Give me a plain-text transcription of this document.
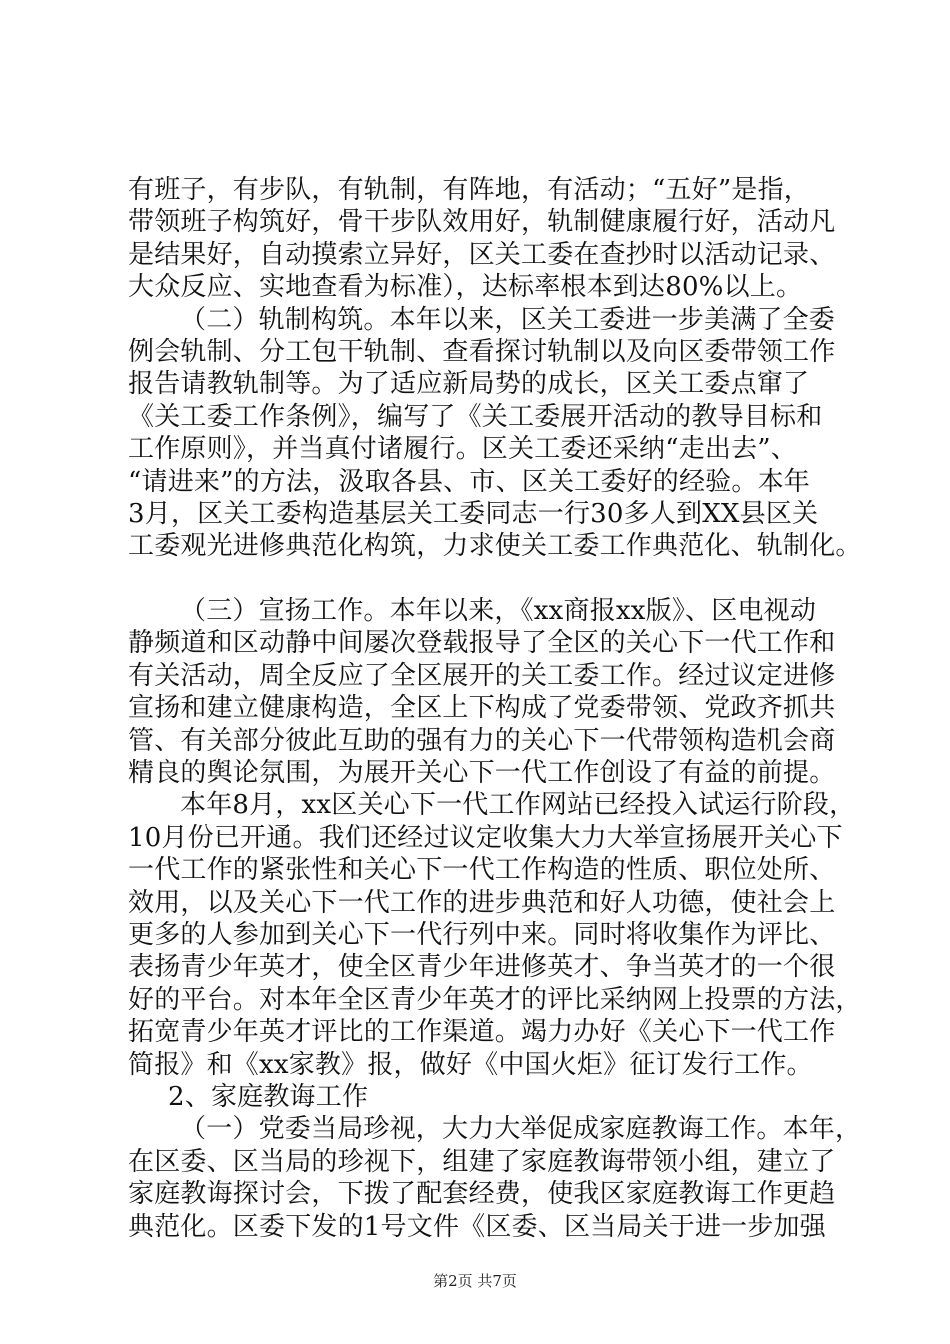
有班子，有步队，有轨制，有阵地，有活动；“五好”是指，
带领班子构筑好，骨干步队效用好，轨制健康履行好，活动凡
是结果好，自动摸索立异好，区关工委在查抄时以活动记录、
大众反应、实地查看为标准），达标率根本到达80%以上。
（二）轨制构筑。本年以来，区关工委进一步美满了全委
例会轨制、分工包干轨制、查看探讨轨制以及向区委带领工作
报告请教轨制等。为了适应新局势的成长，区关工委点窜了
《关工委工作条例》，编写了《关工委展开活动的教导目标和
工作原则》，并当真付诸履行。区关工委还采纳“走出去”、
“请进来”的方法，汲取各县、市、区关工委好的经验。本年
3月，区关工委构造基层关工委同志一行30多人到XX县区关
工委观光进修典范化构筑，力求使关工委工作典范化、轨制化。
（三）宣扬工作。本年以来，《xx商报xx版》、区电视动
静频道和区动静中间屡次登载报导了全区的关心下一代工作和
有关活动，周全反应了全区展开的关工委工作。经过议定进修
宣扬和建立健康构造，全区上下构成了党委带领、党政齐抓共
管、有关部分彼此互助的强有力的关心下一代带领构造机会商
精良的舆论氛围，为展开关心下一代工作创设了有益的前提。
本年8月，xx区关心下一代工作网站已经投入试运行阶段，
10月份已开通。我们还经过议定收集大力大举宣扬展开关心下
一代工作的紧张性和关心下一代工作构造的性质、职位处所、
效用，以及关心下一代工作的进步典范和好人功德，使社会上
更多的人参加到关心下一代行列中来。同时将收集作为评比、
表扬青少年英才，使全区青少年进修英才、争当英才的一个很
好的平台。对本年全区青少年英才的评比采纳网上投票的方法，
拓宽青少年英才评比的工作渠道。竭力办好《关心下一代工作
简报》和《xx家教》报，做好《中国火炬》征订发行工作。
2、家庭教诲工作
（一）党委当局珍视，大力大举促成家庭教诲工作。本年，
在区委、区当局的珍视下，组建了家庭教诲带领小组，建立了
家庭教诲探讨会，下拨了配套经费，使我区家庭教诲工作更趋
典范化。区委下发的1号文件《区委、区当局关于进一步加强
第2页 共7页
